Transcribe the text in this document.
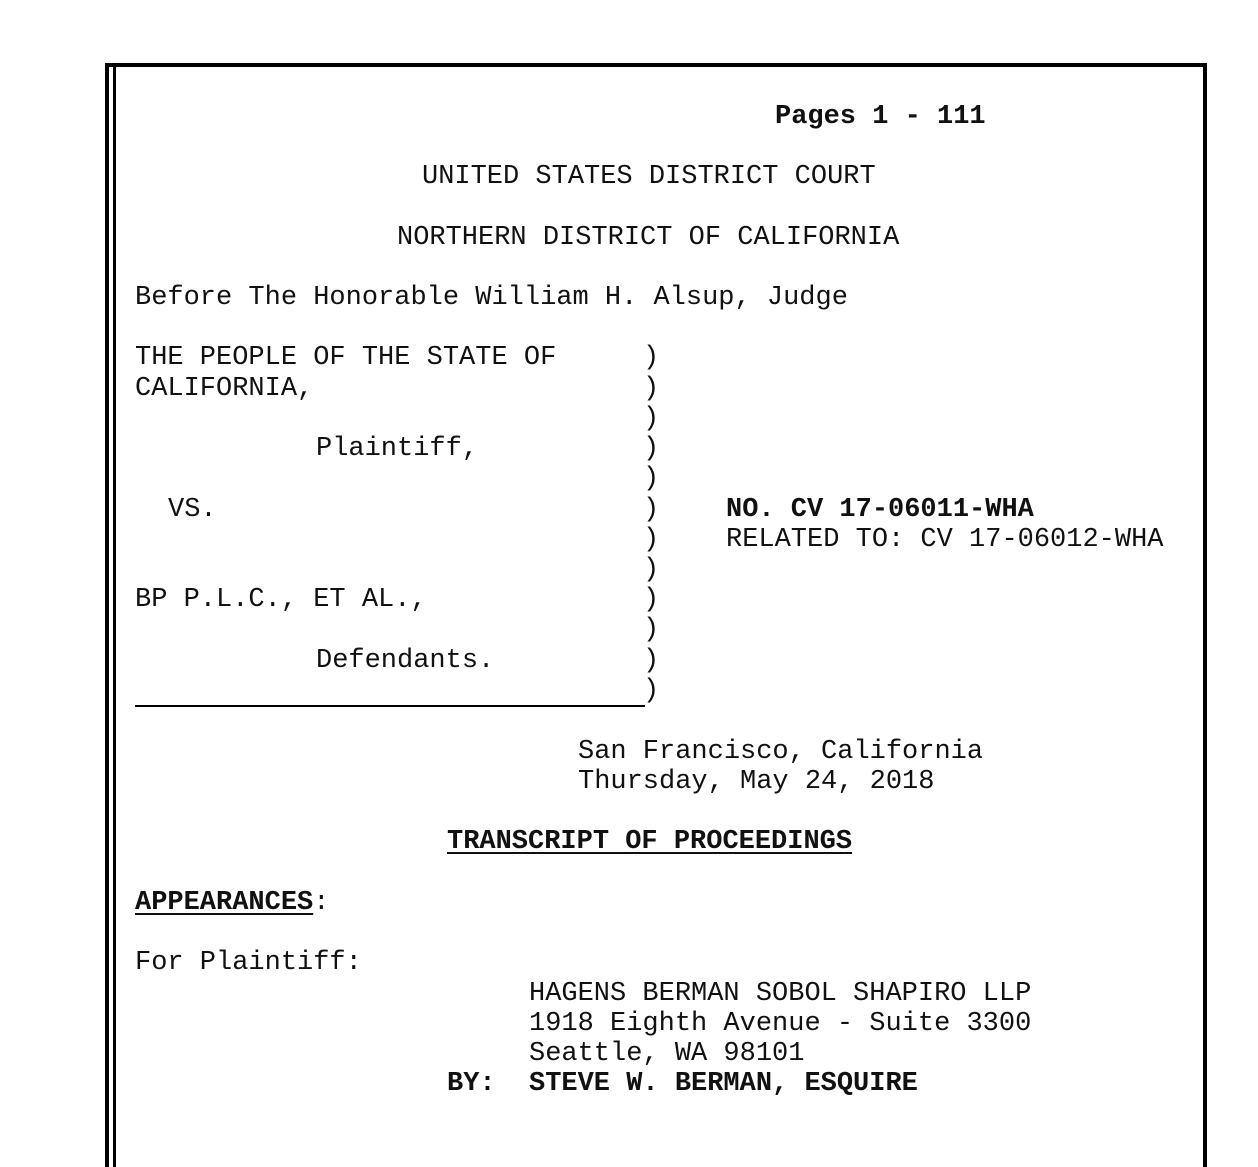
Pages 1 - 111
UNITED STATES DISTRICT COURT
NORTHERN DISTRICT OF CALIFORNIA
Before The Honorable William H. Alsup, Judge
THE PEOPLE OF THE STATE OF
CALIFORNIA,
Plaintiff,
VS.
BP P.L.C., ET AL.,
Defendants.
)
)
)
)
)
)
)
)
)
)
)
)
NO. CV 17-06011-WHA
RELATED TO: CV 17-06012-WHA
San Francisco, California
Thursday, May 24, 2018
TRANSCRIPT OF PROCEEDINGS
APPEARANCES:
For Plaintiff:
HAGENS BERMAN SOBOL SHAPIRO LLP
1918 Eighth Avenue - Suite 3300
Seattle, WA 98101
BY: STEVE W. BERMAN, ESQUIRE
